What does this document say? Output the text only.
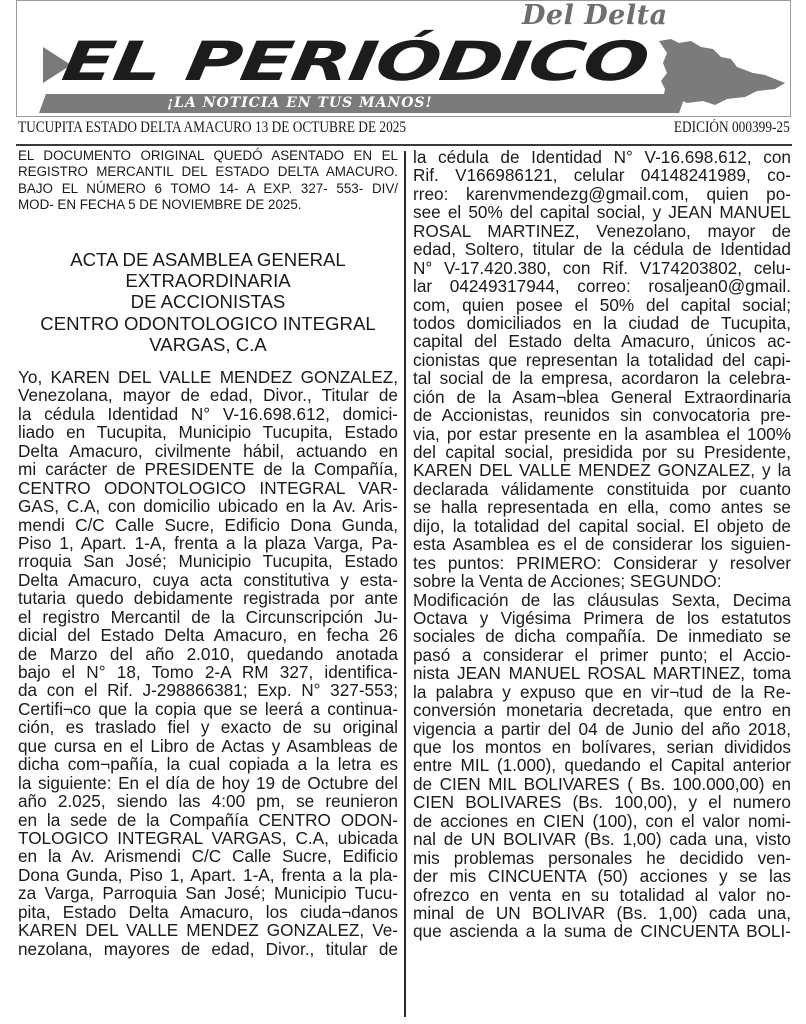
Del Delta
EL PERIÓDICO
¡LA NOTICIA EN TUS MANOS!
TUCUPITA ESTADO DELTA AMACURO 13 DE OCTUBRE DE 2025	EDICIÓN 000399-25
EL DOCUMENTO ORIGINAL QUEDÓ ASENTADO EN EL
REGISTRO MERCANTIL DEL ESTADO DELTA AMACURO.
BAJO EL NÚMERO 6 TOMO 14- A EXP. 327- 553- DIV/
MOD- EN FECHA 5 DE NOVIEMBRE DE 2025.
ACTA DE ASAMBLEA GENERAL
EXTRAORDINARIA
DE ACCIONISTAS
CENTRO ODONTOLOGICO INTEGRAL
VARGAS, C.A
Yo, KAREN DEL VALLE MENDEZ GONZALEZ,
Venezolana, mayor de edad, Divor., Titular de
la cédula Identidad N° V-16.698.612, domici-
liado en Tucupita, Municipio Tucupita, Estado
Delta Amacuro, civilmente hábil, actuando en
mi carácter de PRESIDENTE de la Compañía,
CENTRO ODONTOLOGICO INTEGRAL VAR-
GAS, C.A, con domicilio ubicado en la Av. Aris-
mendi C/C Calle Sucre, Edificio Dona Gunda,
Piso 1, Apart. 1-A, frenta a la plaza Varga, Pa-
rroquia San José; Municipio Tucupita, Estado
Delta Amacuro, cuya acta constitutiva y esta-
tutaria quedo debidamente registrada por ante
el registro Mercantil de la Circunscripción Ju-
dicial del Estado Delta Amacuro, en fecha 26
de Marzo del año 2.010, quedando anotada
bajo el N° 18, Tomo 2-A RM 327, identifica-
da con el Rif. J-298866381; Exp. N° 327-553;
Certifi¬co que la copia que se leerá a continua-
ción, es traslado fiel y exacto de su original
que cursa en el Libro de Actas y Asambleas de
dicha com¬pañía, la cual copiada a la letra es
la siguiente: En el día de hoy 19 de Octubre del
año 2.025, siendo las 4:00 pm, se reunieron
en la sede de la Compañía CENTRO ODON-
TOLOGICO INTEGRAL VARGAS, C.A, ubicada
en la Av. Arismendi C/C Calle Sucre, Edificio
Dona Gunda, Piso 1, Apart. 1-A, frenta a la pla-
za Varga, Parroquia San José; Municipio Tucu-
pita, Estado Delta Amacuro, los ciuda¬danos
KAREN DEL VALLE MENDEZ GONZALEZ, Ve-
nezolana, mayores de edad, Divor., titular de
la cédula de Identidad N° V-16.698.612, con
Rif. V166986121, celular 04148241989, co-
rreo: karenvmendezg@gmail.com, quien po-
see el 50% del capital social, y JEAN MANUEL
ROSAL MARTINEZ, Venezolano, mayor de
edad, Soltero, titular de la cédula de Identidad
N° V-17.420.380, con Rif. V174203802, celu-
lar 04249317944, correo: rosaljean0@gmail.
com, quien posee el 50% del capital social;
todos domiciliados en la ciudad de Tucupita,
capital del Estado delta Amacuro, únicos ac-
cionistas que representan la totalidad del capi-
tal social de la empresa, acordaron la celebra-
ción de la Asam¬blea General Extraordinaria
de Accionistas, reunidos sin convocatoria pre-
via, por estar presente en la asamblea el 100%
del capital social, presidida por su Presidente,
KAREN DEL VALLE MENDEZ GONZALEZ, y la
declarada válidamente constituida por cuanto
se halla representada en ella, como antes se
dijo, la totalidad del capital social. El objeto de
esta Asamblea es el de considerar los siguien-
tes puntos: PRIMERO: Considerar y resolver
sobre la Venta de Acciones; SEGUNDO:
Modificación de las cláusulas Sexta, Decima
Octava y Vigésima Primera de los estatutos
sociales de dicha compañía. De inmediato se
pasó a considerar el primer punto; el Accio-
nista JEAN MANUEL ROSAL MARTINEZ, toma
la palabra y expuso que en vir¬tud de la Re-
conversión monetaria decretada, que entro en
vigencia a partir del 04 de Junio del año 2018,
que los montos en bolívares, serian divididos
entre MIL (1.000), quedando el Capital anterior
de CIEN MIL BOLIVARES ( Bs. 100.000,00) en
CIEN BOLIVARES (Bs. 100,00), y el numero
de acciones en CIEN (100), con el valor nomi-
nal de UN BOLIVAR (Bs. 1,00) cada una, visto
mis problemas personales he decidido ven-
der mis CINCUENTA (50) acciones y se las
ofrezco en venta en su totalidad al valor no-
minal de UN BOLIVAR (Bs. 1,00) cada una,
que ascienda a la suma de CINCUENTA BOLI-
